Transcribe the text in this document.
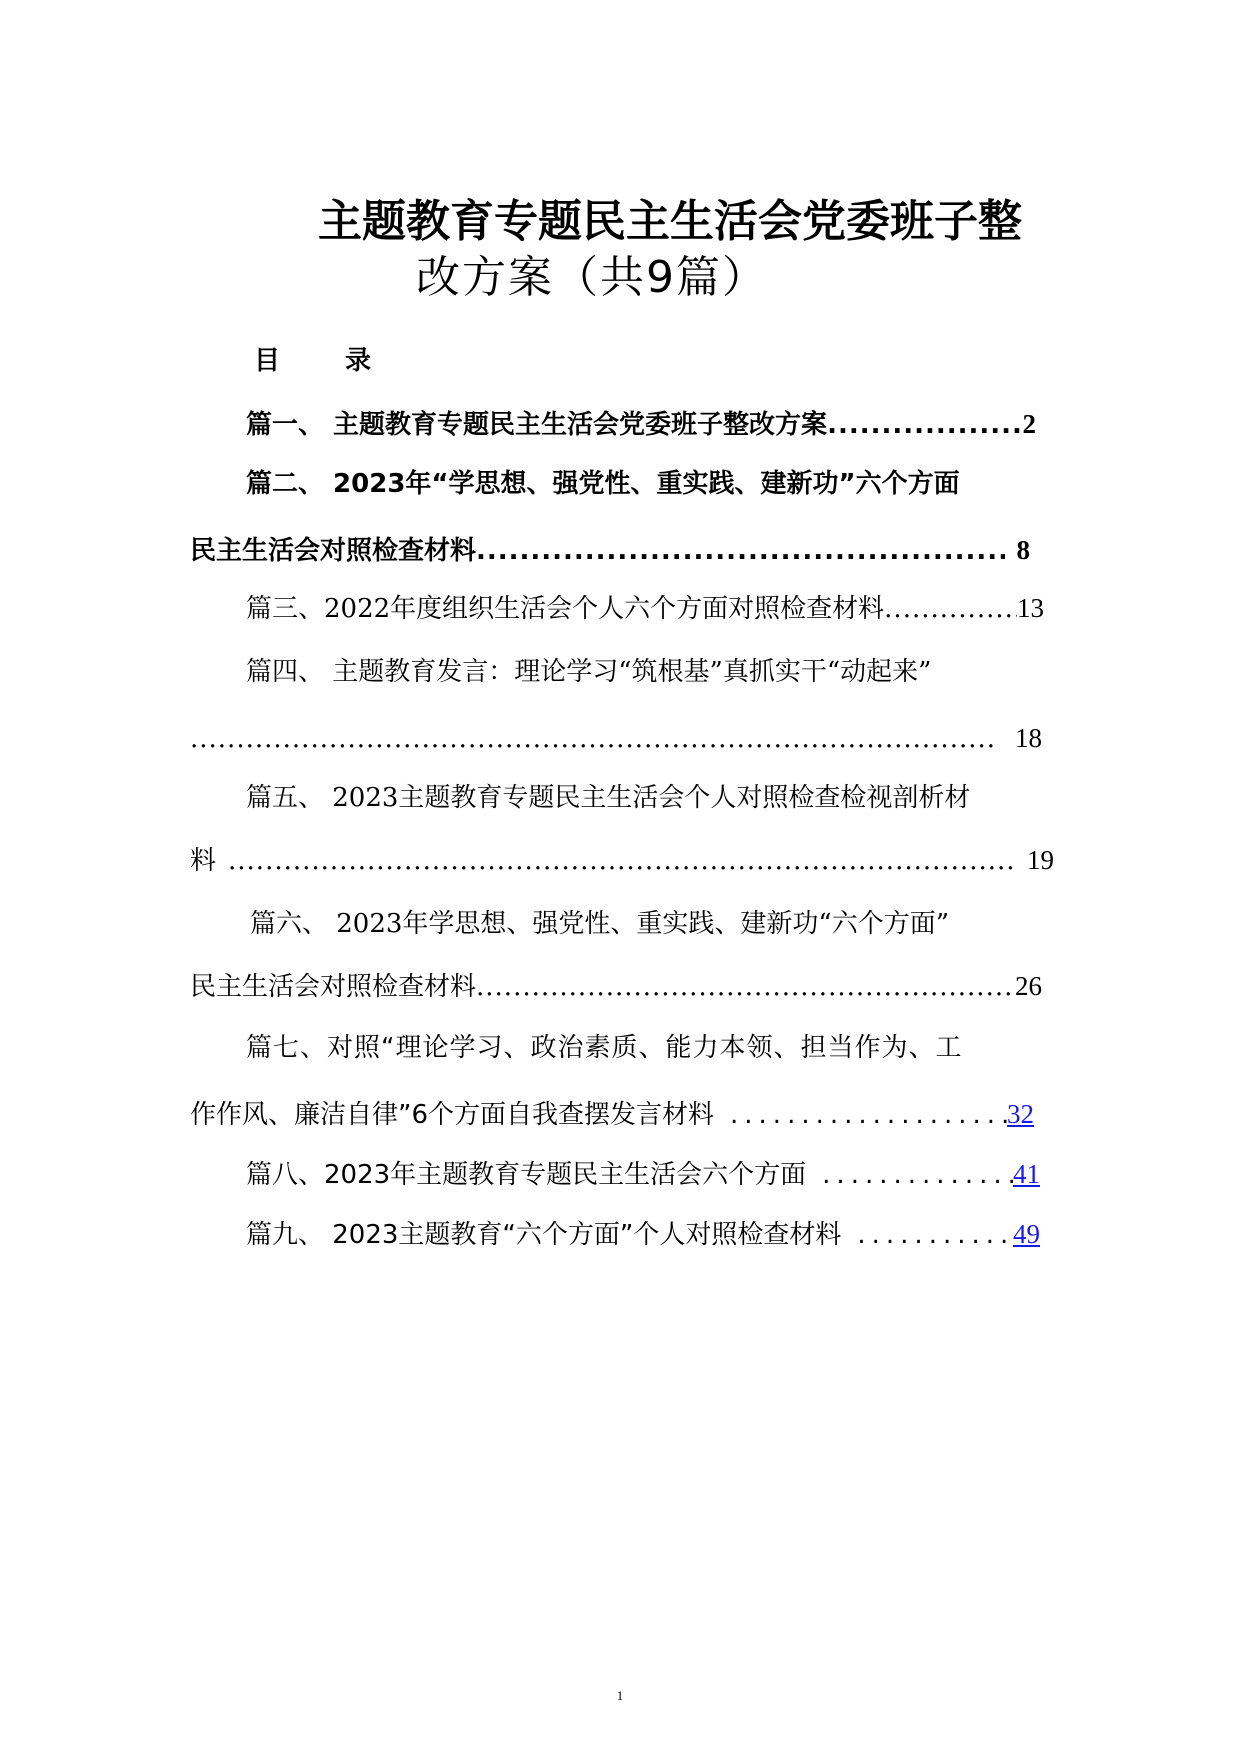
主题教育专题民主生活会党委班子整
改方案（共9篇）
目 录
篇一、 主题教育专题民主生活会党委班子整改方案 .....	2
篇二、 2023年“学思想、强党性、重实践、建新功”六个方面
民主生活会对照检查材料 .....	8
篇三、2022年度组织生活会个人六个方面对照检查材料 .....	13
篇四、 主题教育发言：理论学习“筑根基”真抓实干“动起来”
.....
18
篇五、 2023主题教育专题民主生活会个人对照检查检视剖析材
料 .....	19
篇六、 2023年学思想、强党性、重实践、建新功“六个方面”
民主生活会对照检查材料 .....	26
篇七、对照“理论学习、政治素质、能力本领、担当作为、工
作作风、廉洁自律”6个方面自我查摆发言材料 .....	32
篇八、2023年主题教育专题民主生活会六个方面 .....	41
篇九、 2023主题教育“六个方面”个人对照检查材料 .....	49
1
